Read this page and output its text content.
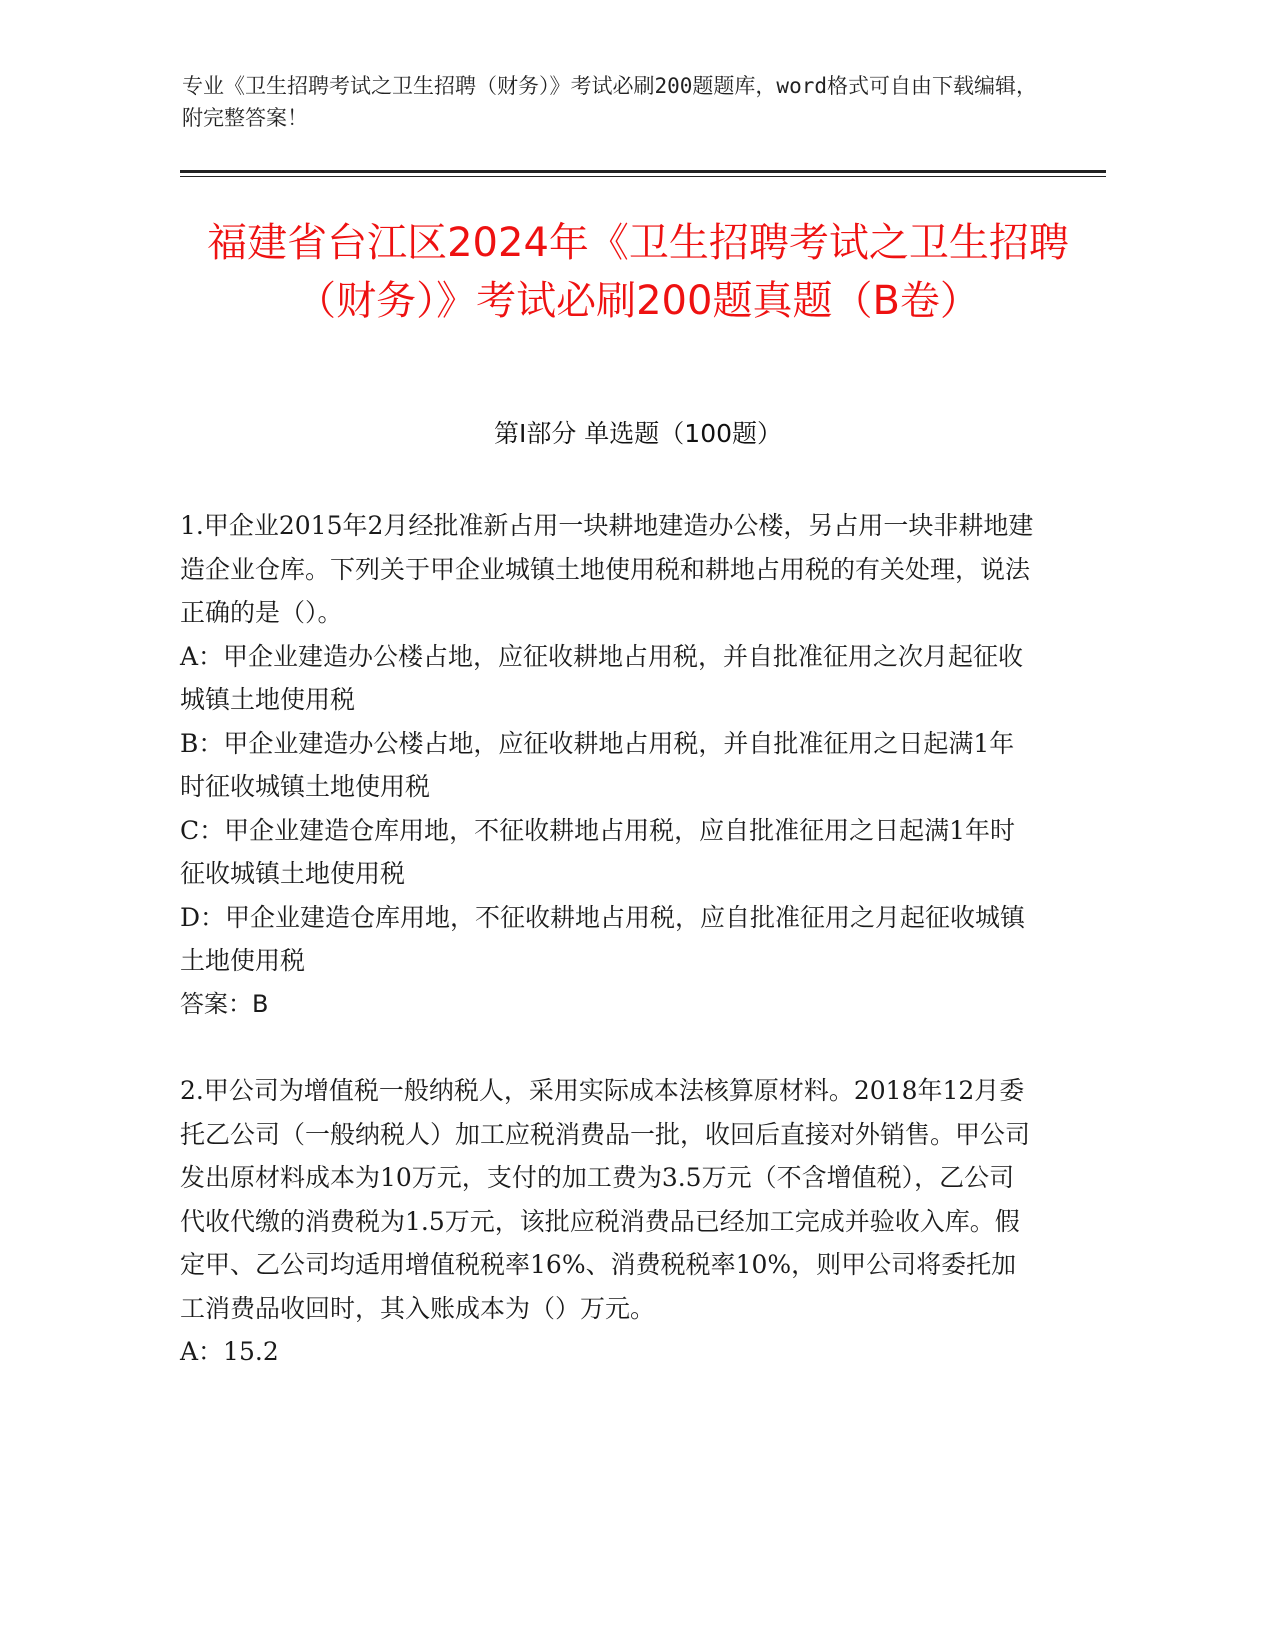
专业《卫生招聘考试之卫生招聘（财务）》考试必刷200题题库，word格式可自由下载编辑，附完整答案！
福建省台江区2024年《卫生招聘考试之卫生招聘（财务）》考试必刷200题真题（B卷）
第I部分 单选题（100题）

1.甲企业2015年2月经批准新占用一块耕地建造办公楼，另占用一块非耕地建造企业仓库。下列关于甲企业城镇土地使用税和耕地占用税的有关处理，说法正确的是（）。

A：甲企业建造办公楼占地，应征收耕地占用税，并自批准征用之次月起征收城镇土地使用税

B：甲企业建造办公楼占地，应征收耕地占用税，并自批准征用之日起满1年时征收城镇土地使用税

C：甲企业建造仓库用地，不征收耕地占用税，应自批准征用之日起满1年时征收城镇土地使用税

D：甲企业建造仓库用地，不征收耕地占用税，应自批准征用之月起征收城镇土地使用税

答案：B

2.甲公司为增值税一般纳税人，采用实际成本法核算原材料。2018年12月委托乙公司（一般纳税人）加工应税消费品一批，收回后直接对外销售。甲公司发出原材料成本为10万元，支付的加工费为3.5万元（不含增值税），乙公司代收代缴的消费税为1.5万元，该批应税消费品已经加工完成并验收入库。假定甲、乙公司均适用增值税税率16%、消费税税率10%，则甲公司将委托加工消费品收回时，其入账成本为（）万元。

A：15.2
